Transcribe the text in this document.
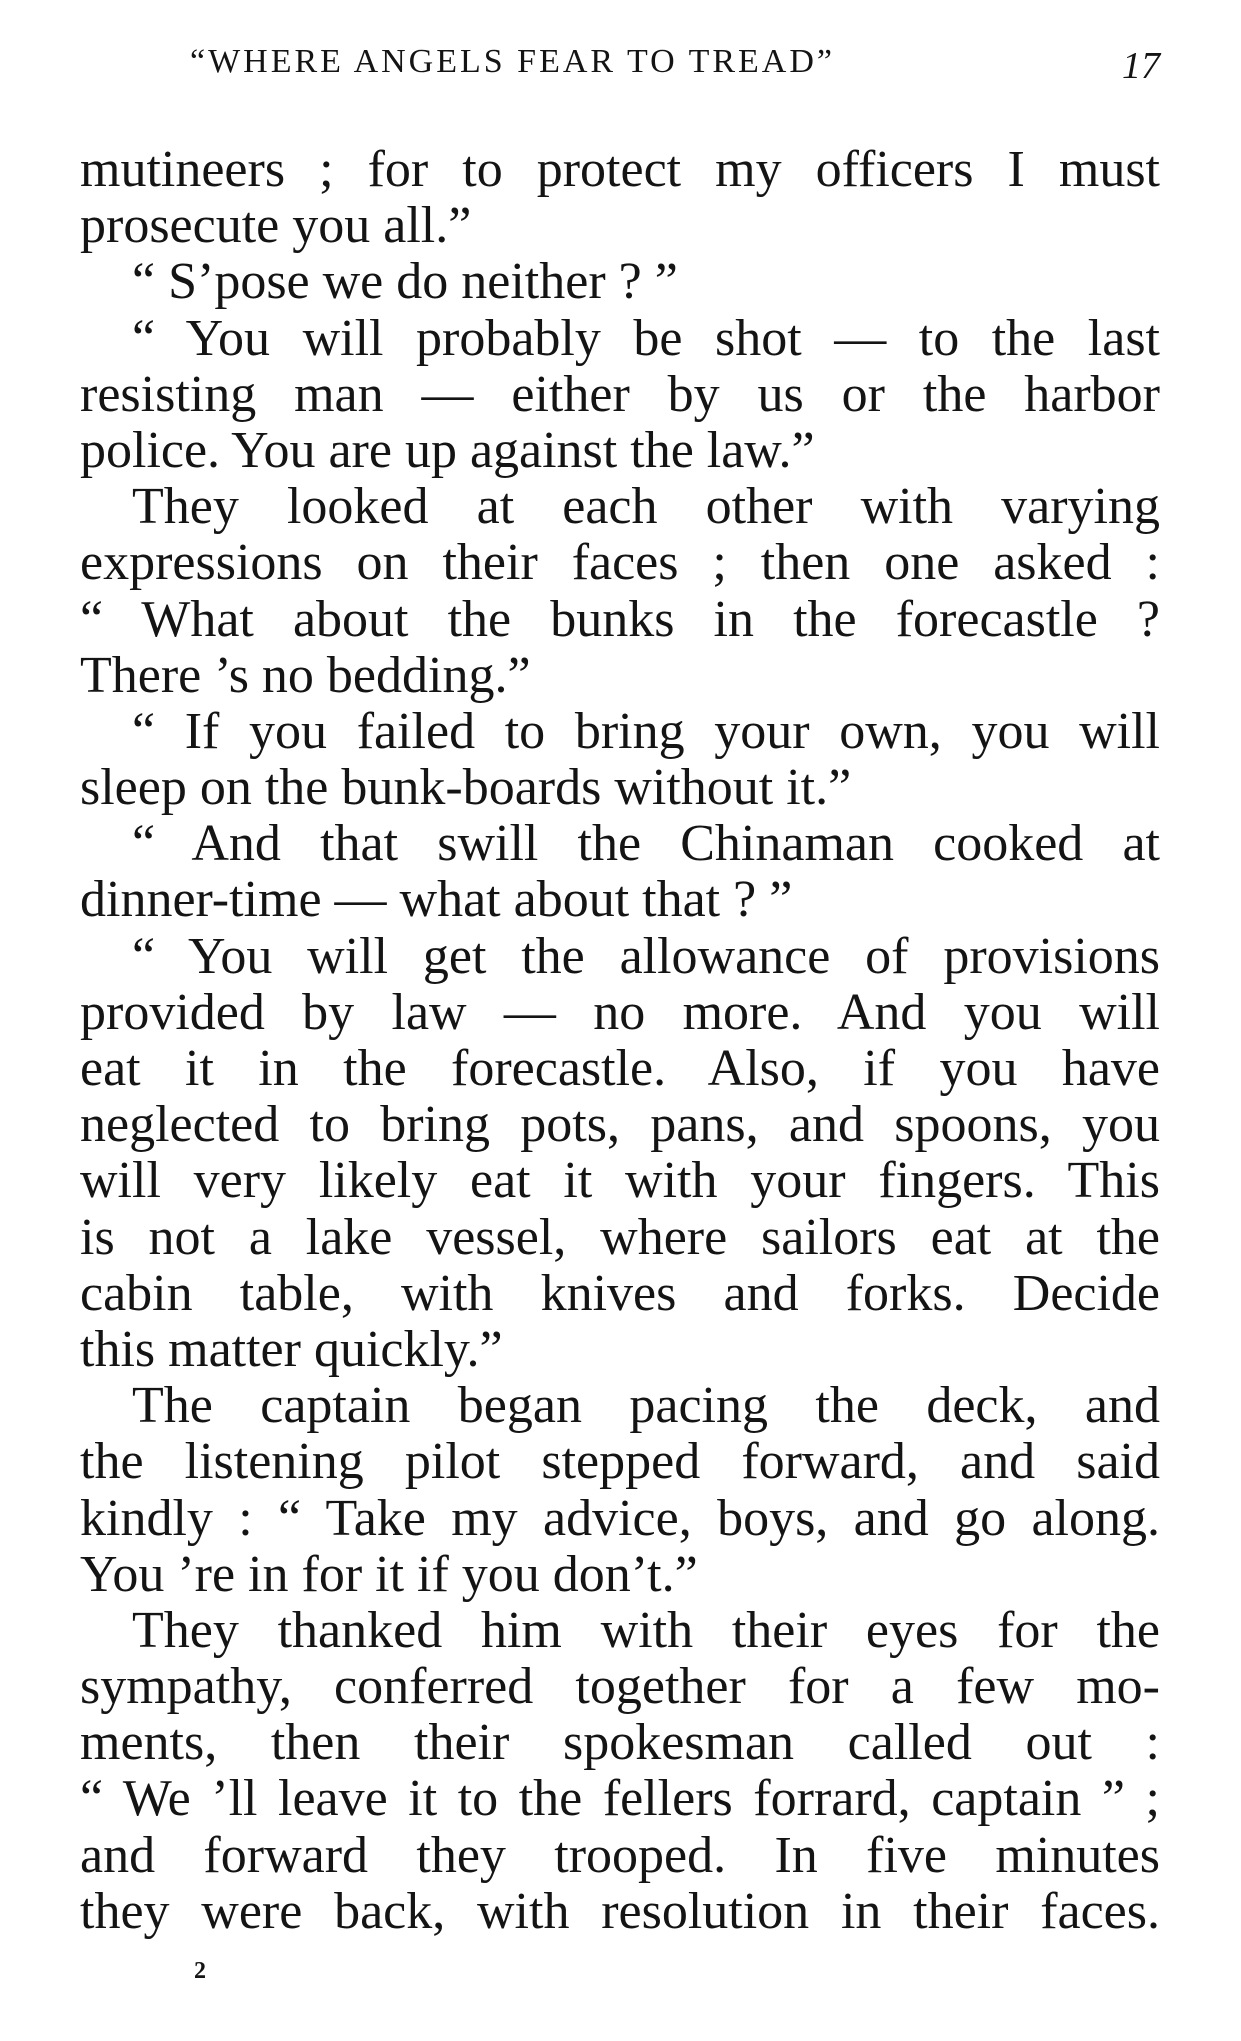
“WHERE ANGELS FEAR TO TREAD”	17
mutineers ; for to protect my officers I must
prosecute you all.”
“ S’pose we do neither ? ”
“ You will probably be shot — to the last
resisting man — either by us or the harbor
police. You are up against the law.”
They looked at each other with varying
expressions on their faces ; then one asked :
“ What about the bunks in the forecastle ?
There ’s no bedding.”
“ If you failed to bring your own, you will
sleep on the bunk-boards without it.”
“ And that swill the Chinaman cooked at
dinner-time — what about that ? ”
“ You will get the allowance of provisions
provided by law — no more. And you will
eat it in the forecastle. Also, if you have
neglected to bring pots, pans, and spoons, you
will very likely eat it with your fingers. This
is not a lake vessel, where sailors eat at the
cabin table, with knives and forks. Decide
this matter quickly.”
The captain began pacing the deck, and
the listening pilot stepped forward, and said
kindly : “ Take my advice, boys, and go along.
You ’re in for it if you don’t.”
They thanked him with their eyes for the
sympathy, conferred together for a few mo-
ments, then their spokesman called out :
“ We ’ll leave it to the fellers forrard, captain ” ;
and forward they trooped. In five minutes
they were back, with resolution in their faces.
2
